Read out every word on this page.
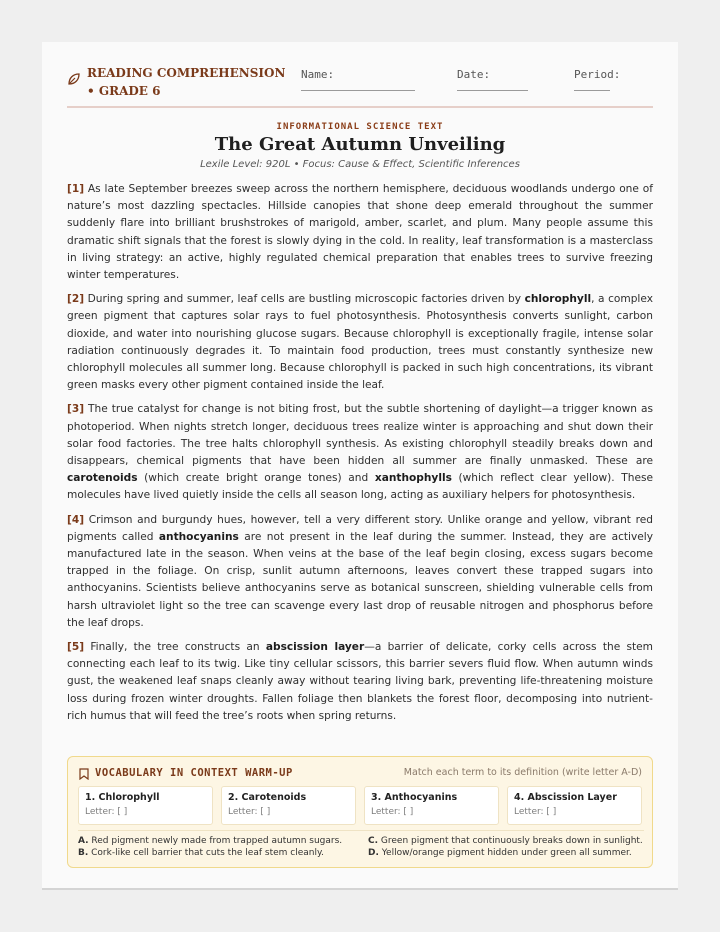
READING COMPREHENSION • GRADE 6
Name:	Date:	Period:
INFORMATIONAL SCIENCE TEXT
The Great Autumn Unveiling
Lexile Level: 920L • Focus: Cause & Effect, Scientific Inferences

[1] As late September breezes sweep across the northern hemisphere, deciduous woodlands undergo one of nature’s most dazzling spectacles. Hillside canopies that shone deep emerald throughout the summer suddenly flare into brilliant brushstrokes of marigold, amber, scarlet, and plum. Many people assume this dramatic shift signals that the forest is slowly dying in the cold. In reality, leaf transformation is a masterclass in living strategy: an active, highly regulated chemical preparation that enables trees to survive freezing winter temperatures.

[2] During spring and summer, leaf cells are bustling microscopic factories driven by chlorophyll, a complex green pigment that captures solar rays to fuel photosynthesis. Photosynthesis converts sunlight, carbon dioxide, and water into nourishing glucose sugars. Because chlorophyll is exceptionally fragile, intense solar radiation continuously degrades it. To maintain food production, trees must constantly synthesize new chlorophyll molecules all summer long. Because chlorophyll is packed in such high concentrations, its vibrant green masks every other pigment contained inside the leaf.

[3] The true catalyst for change is not biting frost, but the subtle shortening of daylight—a trigger known as photoperiod. When nights stretch longer, deciduous trees realize winter is approaching and shut down their solar food factories. The tree halts chlorophyll synthesis. As existing chlorophyll steadily breaks down and disappears, chemical pigments that have been hidden all summer are finally unmasked. These are carotenoids (which create bright orange tones) and xanthophylls (which reflect clear yellow). These molecules have lived quietly inside the cells all season long, acting as auxiliary helpers for photosynthesis.

[4] Crimson and burgundy hues, however, tell a very different story. Unlike orange and yellow, vibrant red pigments called anthocyanins are not present in the leaf during the summer. Instead, they are actively manufactured late in the season. When veins at the base of the leaf begin closing, excess sugars become trapped in the foliage. On crisp, sunlit autumn afternoons, leaves convert these trapped sugars into anthocyanins. Scientists believe anthocyanins serve as botanical sunscreen, shielding vulnerable cells from harsh ultraviolet light so the tree can scavenge every last drop of reusable nitrogen and phosphorus before the leaf drops.

[5] Finally, the tree constructs an abscission layer—a barrier of delicate, corky cells across the stem connecting each leaf to its twig. Like tiny cellular scissors, this barrier severs fluid flow. When autumn winds gust, the weakened leaf snaps cleanly away without tearing living bark, preventing life-threatening moisture loss during frozen winter droughts. Fallen foliage then blankets the forest floor, decomposing into nutrient-rich humus that will feed the tree’s roots when spring returns.

VOCABULARY IN CONTEXT WARM-UP	Match each term to its definition (write letter A-D)
1. Chlorophyll
Letter: [ ]
2. Carotenoids
Letter: [ ]
3. Anthocyanins
Letter: [ ]
4. Abscission Layer
Letter: [ ]
A. Red pigment newly made from trapped autumn sugars.
B. Cork-like cell barrier that cuts the leaf stem cleanly.
C. Green pigment that continuously breaks down in sunlight.
D. Yellow/orange pigment hidden under green all summer.
